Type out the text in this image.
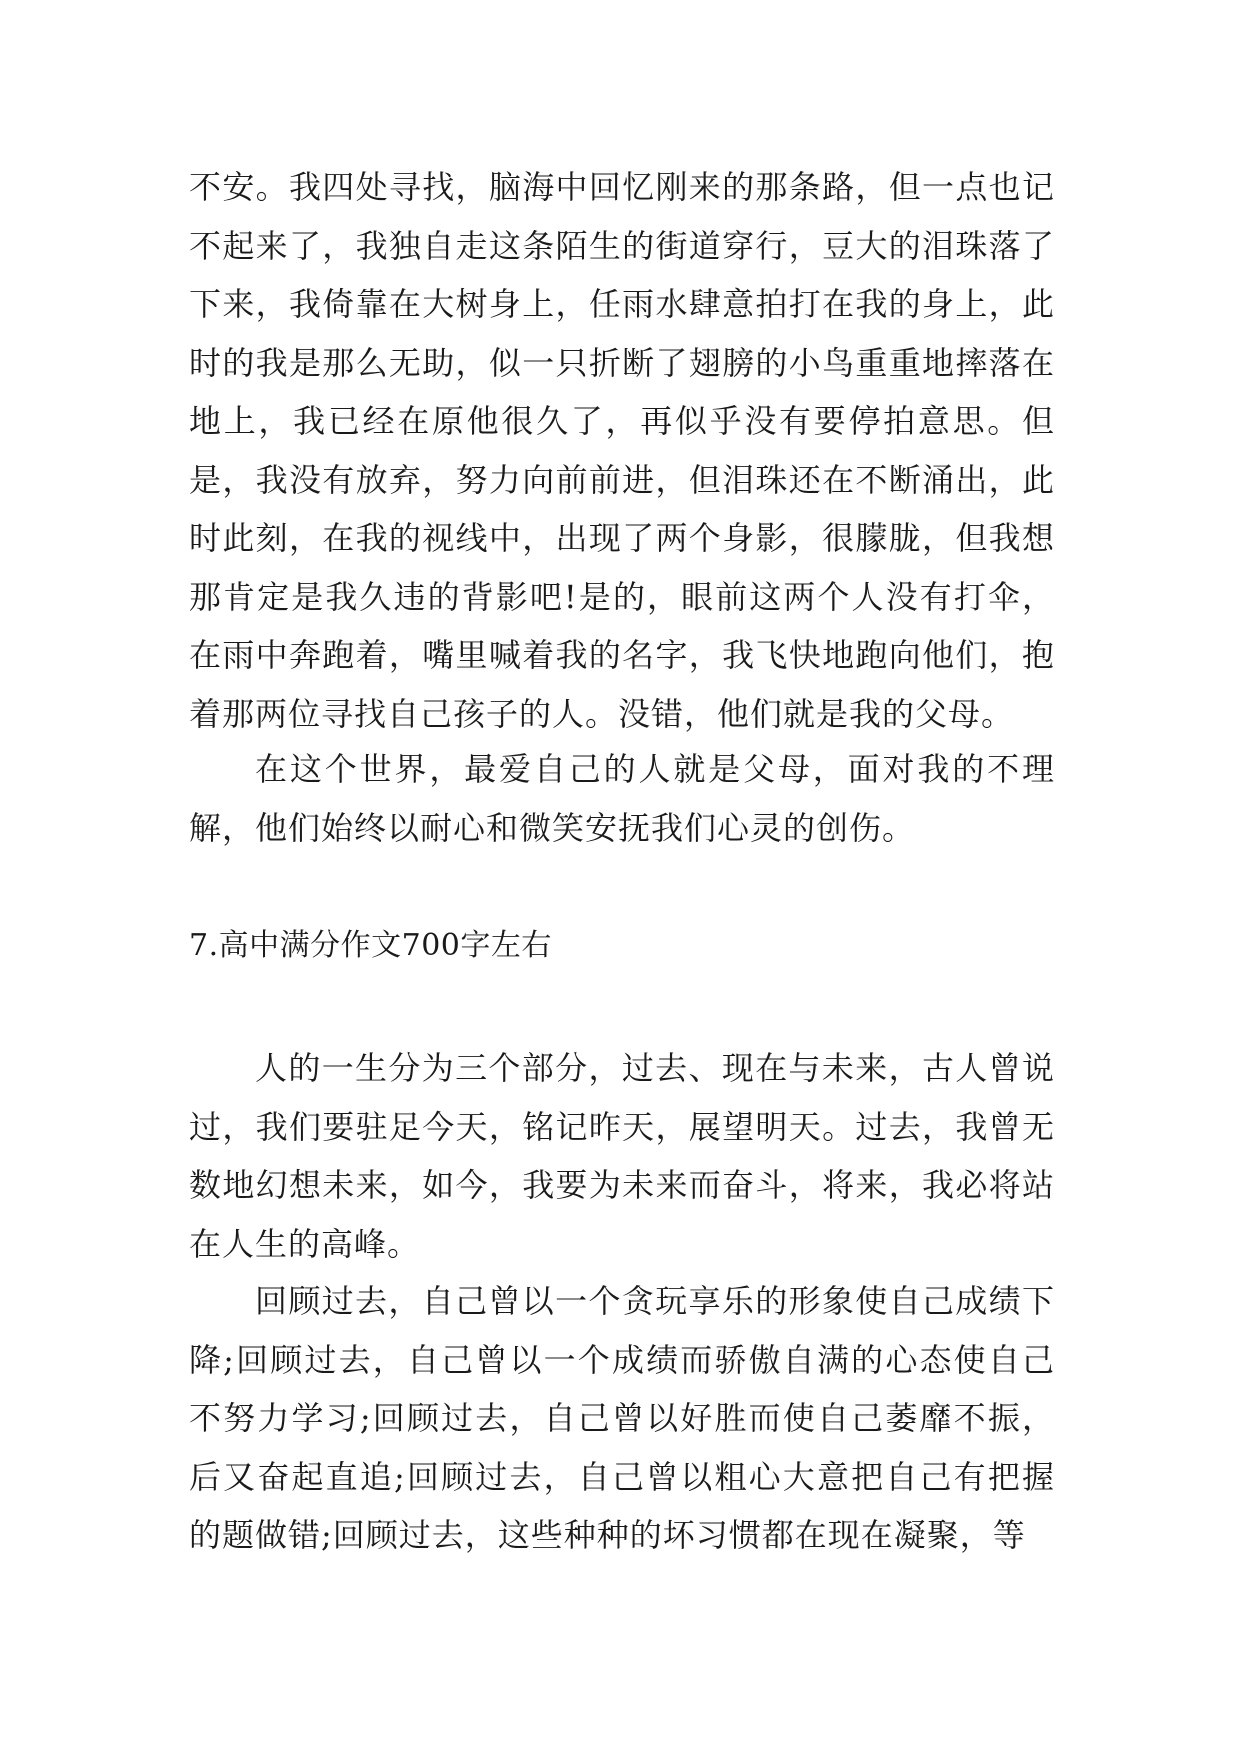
不安。我四处寻找，脑海中回忆刚来的那条路，但一点也记不起来了，我独自走这条陌生的街道穿行，豆大的泪珠落了下来，我倚靠在大树身上，任雨水肆意拍打在我的身上，此时的我是那么无助，似一只折断了翅膀的小鸟重重地摔落在地上，我已经在原他很久了，再似乎没有要停拍意思。但是，我没有放弃，努力向前前进，但泪珠还在不断涌出，此时此刻，在我的视线中，出现了两个身影，很朦胧，但我想那肯定是我久违的背影吧!是的，眼前这两个人没有打伞，在雨中奔跑着，嘴里喊着我的名字，我飞快地跑向他们，抱着那两位寻找自己孩子的人。没错，他们就是我的父母。

在这个世界，最爱自己的人就是父母，面对我的不理解，他们始终以耐心和微笑安抚我们心灵的创伤。

7.高中满分作文700字左右

人的一生分为三个部分，过去、现在与未来，古人曾说过，我们要驻足今天，铭记昨天，展望明天。过去，我曾无数地幻想未来，如今，我要为未来而奋斗，将来，我必将站在人生的高峰。

回顾过去，自己曾以一个贪玩享乐的形象使自己成绩下降;回顾过去，自己曾以一个成绩而骄傲自满的心态使自己不努力学习;回顾过去，自己曾以好胜而使自己萎靡不振，后又奋起直追;回顾过去，自己曾以粗心大意把自己有把握的题做错;回顾过去，这些种种的坏习惯都在现在凝聚，等
